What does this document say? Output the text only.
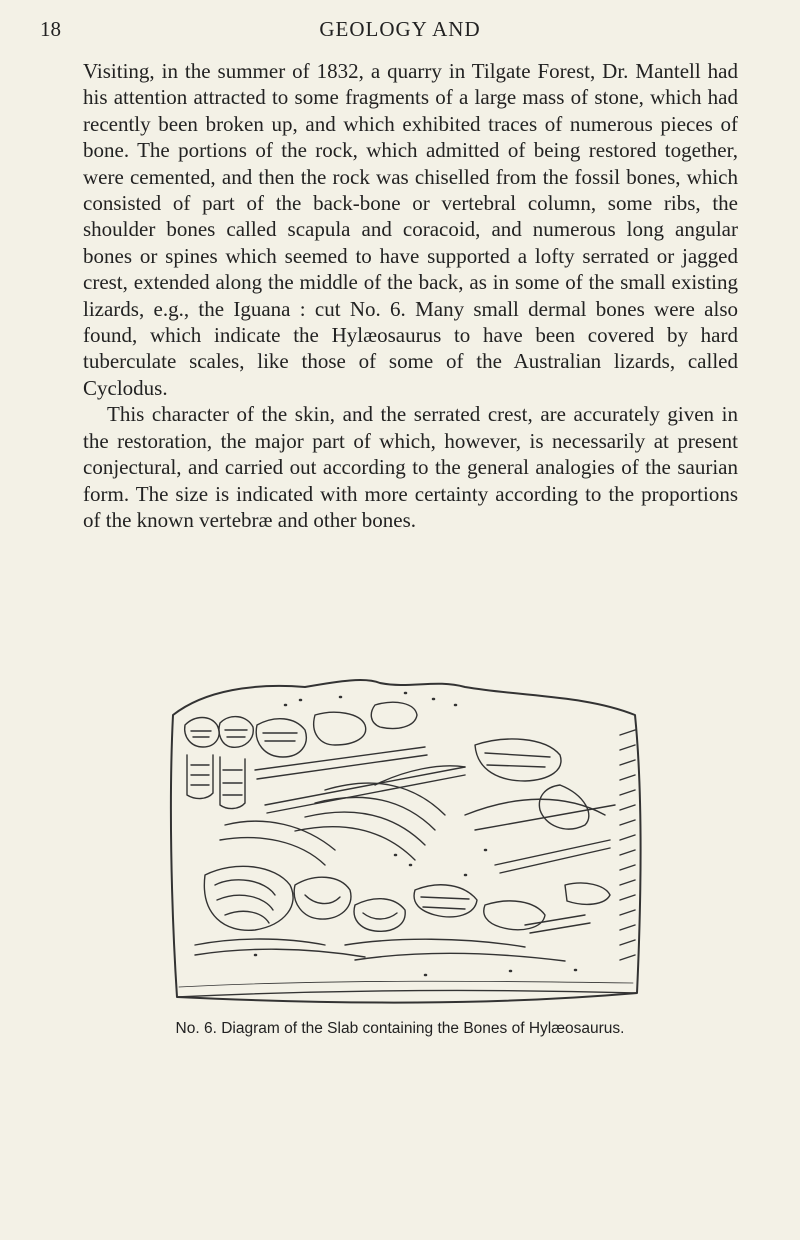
18	GEOLOGY AND

Visiting, in the summer of 1832, a quarry in Tilgate Forest, Dr. Mantell had his attention attracted to some fragments of a large mass of stone, which had recently been broken up, and which exhibited traces of numerous pieces of bone. The portions of the rock, which admitted of being restored together, were cemented, and then the rock was chiselled from the fossil bones, which consisted of part of the back-bone or vertebral column, some ribs, the shoulder bones called scapula and coracoid, and numerous long angular bones or spines which seemed to have supported a lofty serrated or jagged crest, extended along the middle of the back, as in some of the small existing lizards, e.g., the Iguana : cut No. 6. Many small dermal bones were also found, which indicate the Hylæosaurus to have been covered by hard tuberculate scales, like those of some of the Australian lizards, called Cyclodus.

This character of the skin, and the serrated crest, are accurately given in the restoration, the major part of which, however, is necessarily at present conjectural, and carried out according to the general analogies of the saurian form. The size is indicated with more certainty according to the proportions of the known vertebræ and other bones.

No. 6. Diagram of the Slab containing the Bones of Hylæosaurus.
